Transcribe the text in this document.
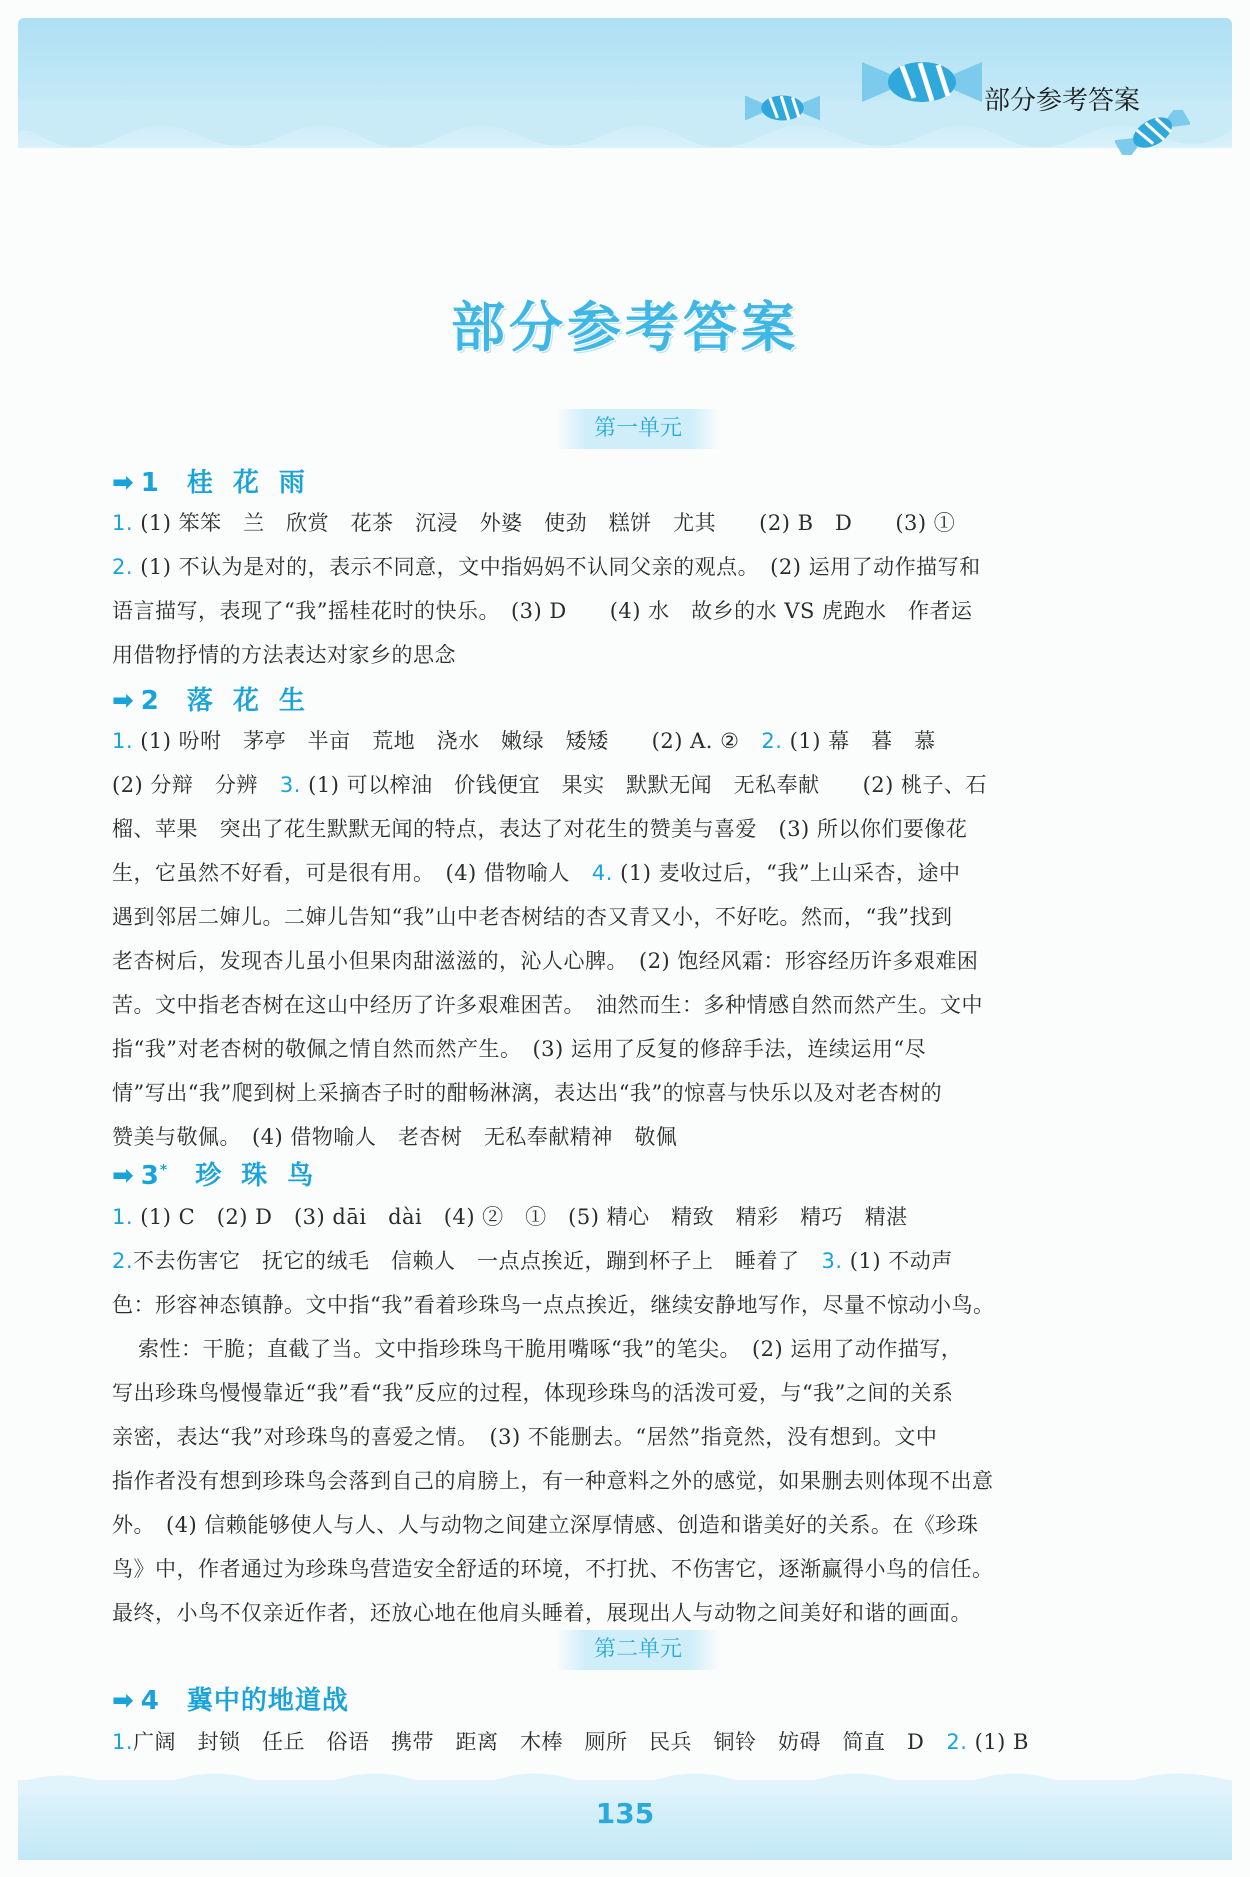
部分参考答案
部分参考答案
第一单元
➡ 1　 桂花雨
1. (1) 笨笨　兰　欣赏　花茶　沉浸　外婆　使劲　糕饼　尤其　　(2) B　D　　(3) ①
2. (1) 不认为是对的，表示不同意，文中指妈妈不认同父亲的观点。　(2) 运用了动作描写和
语言描写，表现了“我”摇桂花时的快乐。　(3) D　　(4) 水　故乡的水 VS 虎跑水　作者运
用借物抒情的方法表达对家乡的思念
➡ 2　 落花生
1. (1) 吩咐　茅亭　半亩　荒地　浇水　嫩绿　矮矮　　(2) A. ② 2. (1) 幕　暮　慕
(2) 分辩　分辨 3. (1) 可以榨油　价钱便宜　果实　默默无闻　无私奉献　　(2) 桃子、石
榴、苹果　突出了花生默默无闻的特点，表达了对花生的赞美与喜爱　(3) 所以你们要像花
生，它虽然不好看，可是很有用。　(4) 借物喻人 4. (1) 麦收过后，“我”上山采杏，途中
遇到邻居二婶儿。二婶儿告知“我”山中老杏树结的杏又青又小，不好吃。然而，“我”找到
老杏树后，发现杏儿虽小但果肉甜滋滋的，沁人心脾。　(2) 饱经风霜：形容经历许多艰难困
苦。文中指老杏树在这山中经历了许多艰难困苦。　油然而生：多种情感自然而然产生。文中
指“我”对老杏树的敬佩之情自然而然产生。　(3) 运用了反复的修辞手法，连续运用“尽
情”写出“我”爬到树上采摘杏子时的酣畅淋漓，表达出“我”的惊喜与快乐以及对老杏树的
赞美与敬佩。　(4) 借物喻人　老杏树　无私奉献精神　敬佩
➡ 3*　 珍珠鸟
1. (1) C　(2) D　(3) dāi　dài　(4) ②　①　(5) 精心　精致　精彩　精巧　精湛
2.不去伤害它　抚它的绒毛　信赖人　一点点挨近，蹦到杯子上　睡着了 3. (1) 不动声
色：形容神态镇静。文中指“我”看着珍珠鸟一点点挨近，继续安静地写作，尽量不惊动小鸟。
索性：干脆；直截了当。文中指珍珠鸟干脆用嘴啄“我”的笔尖。　(2) 运用了动作描写，
写出珍珠鸟慢慢靠近“我”看“我”反应的过程，体现珍珠鸟的活泼可爱，与“我”之间的关系
亲密，表达“我”对珍珠鸟的喜爱之情。　(3) 不能删去。“居然”指竟然，没有想到。文中
指作者没有想到珍珠鸟会落到自己的肩膀上，有一种意料之外的感觉，如果删去则体现不出意
外。　(4) 信赖能够使人与人、人与动物之间建立深厚情感、创造和谐美好的关系。在《珍珠
鸟》中，作者通过为珍珠鸟营造安全舒适的环境，不打扰、不伤害它，逐渐赢得小鸟的信任。
最终，小鸟不仅亲近作者，还放心地在他肩头睡着，展现出人与动物之间美好和谐的画面。
第二单元
➡ 4　 冀中的地道战
1.广阔　封锁　任丘　俗语　携带　距离　木棒　厕所　民兵　铜铃　妨碍　简直　D 2. (1) B
135
